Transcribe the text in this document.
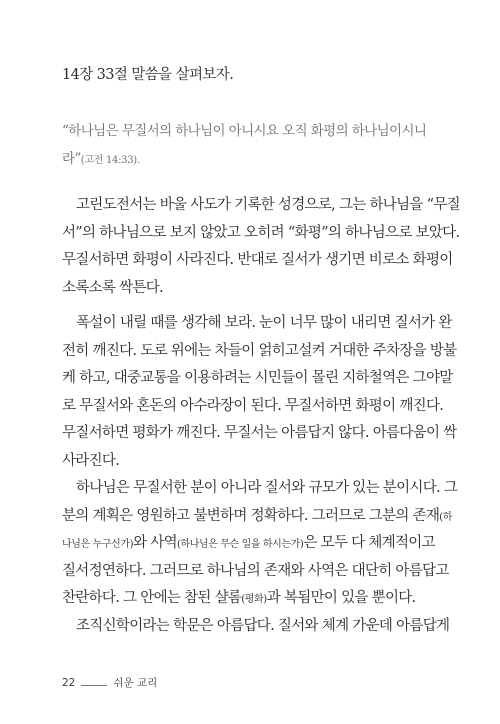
14장 33절 말씀을 살펴보자.
“하나님은 무질서의 하나님이 아니시요 오직 화평의 하나님이시니
라”(고전 14:33).
고린도전서는 바울 사도가 기록한 성경으로, 그는 하나님을 “무질
서”의 하나님으로 보지 않았고 오히려 “화평”의 하나님으로 보았다.
무질서하면 화평이 사라진다. 반대로 질서가 생기면 비로소 화평이
소록소록 싹튼다.
폭설이 내릴 때를 생각해 보라. 눈이 너무 많이 내리면 질서가 완
전히 깨진다. 도로 위에는 차들이 얽히고설켜 거대한 주차장을 방불
케 하고, 대중교통을 이용하려는 시민들이 몰린 지하철역은 그야말
로 무질서와 혼돈의 아수라장이 된다. 무질서하면 화평이 깨진다.
무질서하면 평화가 깨진다. 무질서는 아름답지 않다. 아름다움이 싹
사라진다.
하나님은 무질서한 분이 아니라 질서와 규모가 있는 분이시다. 그
분의 계획은 영원하고 불변하며 정확하다. 그러므로 그분의 존재(하
나님은 누구신가)와 사역(하나님은 무슨 일을 하시는가)은 모두 다 체계적이고
질서정연하다. 그러므로 하나님의 존재와 사역은 대단히 아름답고
찬란하다. 그 안에는 참된 샬롬(평화)과 복됨만이 있을 뿐이다.
조직신학이라는 학문은 아름답다. 질서와 체계 가운데 아름답게
22	쉬운 교리
